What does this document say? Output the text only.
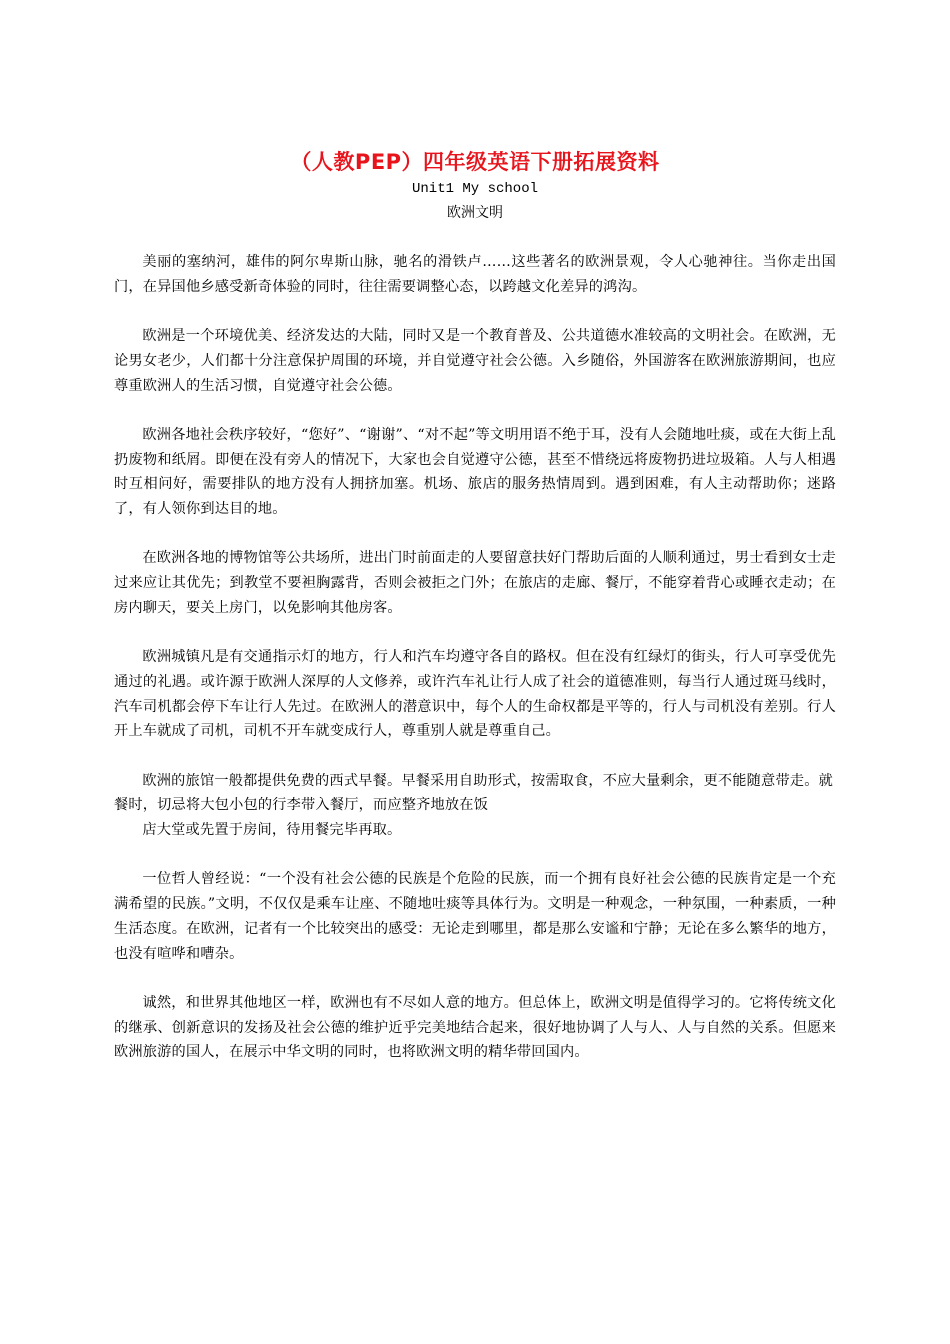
（人教PEP）四年级英语下册拓展资料
Unit1 My school
欧洲文明

美丽的塞纳河，雄伟的阿尔卑斯山脉，驰名的滑铁卢……这些著名的欧洲景观，令人心驰神往。当你走出国门，在异国他乡感受新奇体验的同时，往往需要调整心态，以跨越文化差异的鸿沟。

欧洲是一个环境优美、经济发达的大陆，同时又是一个教育普及、公共道德水准较高的文明社会。在欧洲，无论男女老少，人们都十分注意保护周围的环境，并自觉遵守社会公德。入乡随俗，外国游客在欧洲旅游期间，也应尊重欧洲人的生活习惯，自觉遵守社会公德。

欧洲各地社会秩序较好，“您好”、“谢谢”、“对不起”等文明用语不绝于耳，没有人会随地吐痰，或在大街上乱扔废物和纸屑。即便在没有旁人的情况下，大家也会自觉遵守公德，甚至不惜绕远将废物扔进垃圾箱。人与人相遇时互相问好，需要排队的地方没有人拥挤加塞。机场、旅店的服务热情周到。遇到困难，有人主动帮助你；迷路了，有人领你到达目的地。

在欧洲各地的博物馆等公共场所，进出门时前面走的人要留意扶好门帮助后面的人顺利通过，男士看到女士走过来应让其优先；到教堂不要袒胸露背，否则会被拒之门外；在旅店的走廊、餐厅，不能穿着背心或睡衣走动；在房内聊天，要关上房门，以免影响其他房客。

欧洲城镇凡是有交通指示灯的地方，行人和汽车均遵守各自的路权。但在没有红绿灯的街头，行人可享受优先通过的礼遇。或许源于欧洲人深厚的人文修养，或许汽车礼让行人成了社会的道德准则，每当行人通过斑马线时，汽车司机都会停下车让行人先过。在欧洲人的潜意识中，每个人的生命权都是平等的，行人与司机没有差别。行人开上车就成了司机，司机不开车就变成行人，尊重别人就是尊重自己。

欧洲的旅馆一般都提供免费的西式早餐。早餐采用自助形式，按需取食，不应大量剩余，更不能随意带走。就餐时，切忌将大包小包的行李带入餐厅，而应整齐地放在饭
店大堂或先置于房间，待用餐完毕再取。

一位哲人曾经说：“一个没有社会公德的民族是个危险的民族，而一个拥有良好社会公德的民族肯定是一个充满希望的民族。”文明，不仅仅是乘车让座、不随地吐痰等具体行为。文明是一种观念，一种氛围，一种素质，一种生活态度。在欧洲，记者有一个比较突出的感受：无论走到哪里，都是那么安谧和宁静；无论在多么繁华的地方，也没有喧哗和嘈杂。

诚然，和世界其他地区一样，欧洲也有不尽如人意的地方。但总体上，欧洲文明是值得学习的。它将传统文化的继承、创新意识的发扬及社会公德的维护近乎完美地结合起来，很好地协调了人与人、人与自然的关系。但愿来欧洲旅游的国人，在展示中华文明的同时，也将欧洲文明的精华带回国内。
